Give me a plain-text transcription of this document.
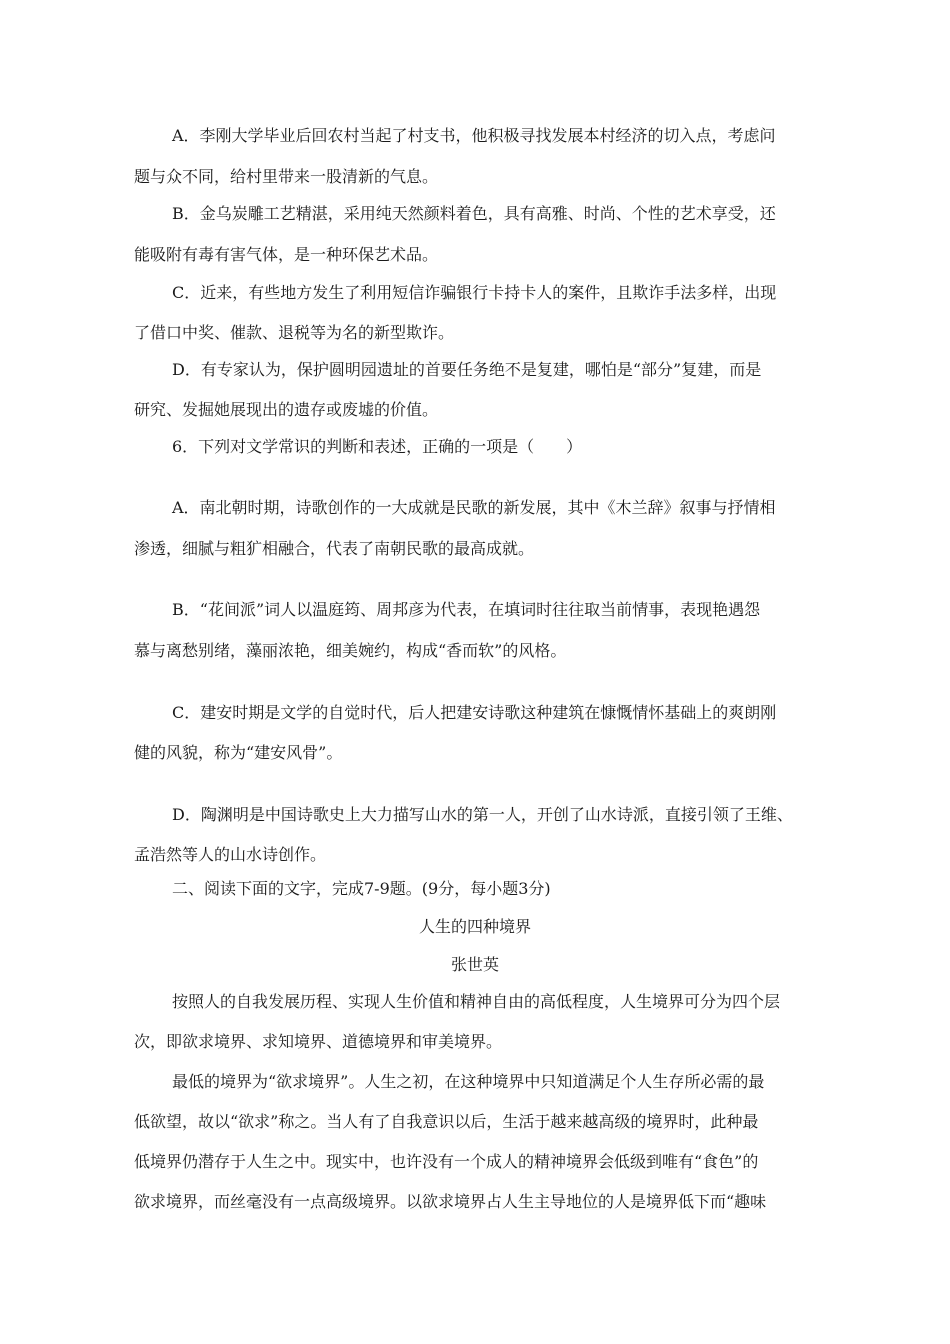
A．李刚大学毕业后回农村当起了村支书，他积极寻找发展本村经济的切入点，考虑问
题与众不同，给村里带来一股清新的气息。
B．金乌炭雕工艺精湛，采用纯天然颜料着色，具有高雅、时尚、个性的艺术享受，还
能吸附有毒有害气体，是一种环保艺术品。
C．近来，有些地方发生了利用短信诈骗银行卡持卡人的案件，且欺诈手法多样，出现
了借口中奖、催款、退税等为名的新型欺诈。
D．有专家认为，保护圆明园遗址的首要任务绝不是复建，哪怕是“部分”复建，而是
研究、发掘她展现出的遗存或废墟的价值。
6．下列对文学常识的判断和表述，正确的一项是（　　）
A．南北朝时期，诗歌创作的一大成就是民歌的新发展，其中《木兰辞》叙事与抒情相
渗透，细腻与粗犷相融合，代表了南朝民歌的最高成就。
B．“花间派”词人以温庭筠、周邦彦为代表，在填词时往往取当前情事，表现艳遇怨
慕与离愁别绪，藻丽浓艳，细美婉约，构成“香而软”的风格。
C．建安时期是文学的自觉时代，后人把建安诗歌这种建筑在慷慨情怀基础上的爽朗刚
健的风貌，称为“建安风骨”。
D．陶渊明是中国诗歌史上大力描写山水的第一人，开创了山水诗派，直接引领了王维、
孟浩然等人的山水诗创作。
二、阅读下面的文字，完成7-9题。(9分，每小题3分)
人生的四种境界
张世英
按照人的自我发展历程、实现人生价值和精神自由的高低程度，人生境界可分为四个层
次，即欲求境界、求知境界、道德境界和审美境界。
最低的境界为“欲求境界”。人生之初，在这种境界中只知道满足个人生存所必需的最
低欲望，故以“欲求”称之。当人有了自我意识以后，生活于越来越高级的境界时，此种最
低境界仍潜存于人生之中。现实中，也许没有一个成人的精神境界会低级到唯有“食色”的
欲求境界，而丝毫没有一点高级境界。以欲求境界占人生主导地位的人是境界低下而“趣味
